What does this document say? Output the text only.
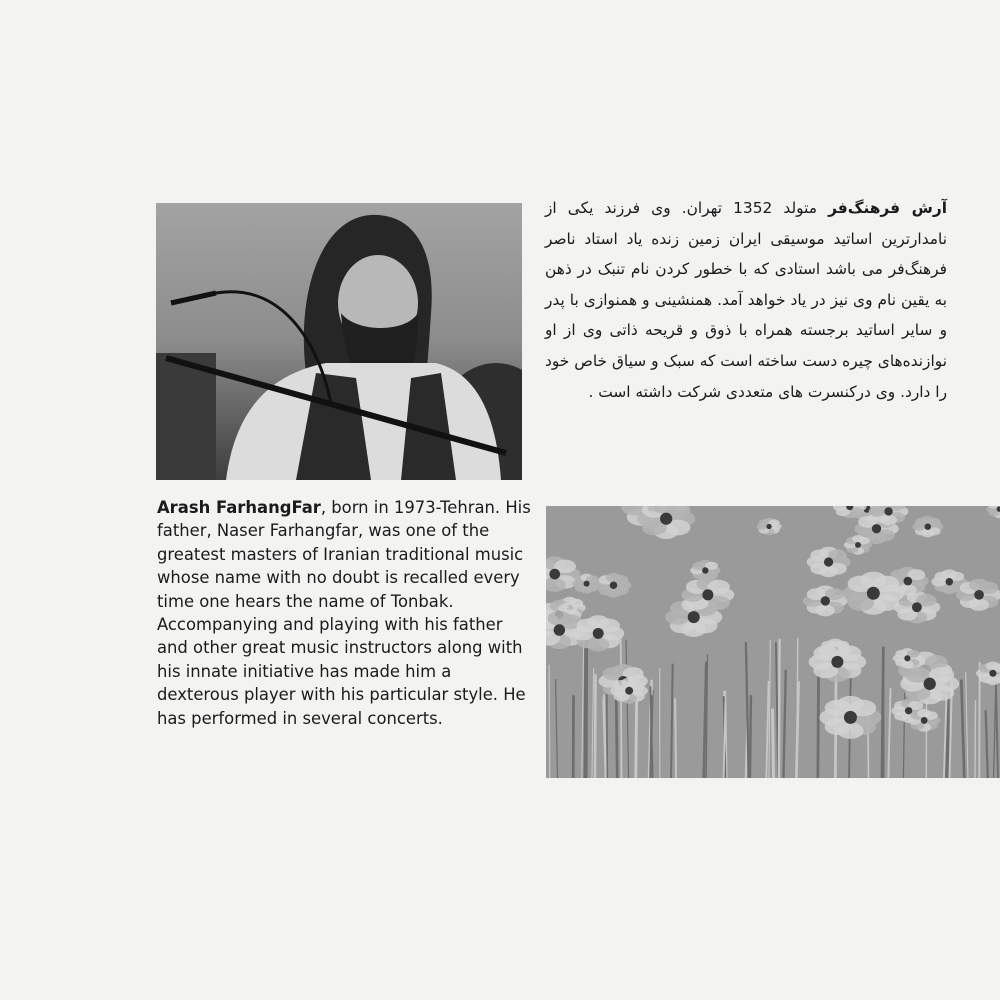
Arash FarhangFar, born in 1973-Tehran. His father, Naser Farhangfar, was one of the greatest masters of Iranian traditional music whose name with no doubt is recalled every time one hears the name of Tonbak. Accompanying and playing with his father and other great music instructors along with his innate initiative has made him a dexterous player with his particular style. He has performed in several concerts.

آرش فرهنگ‌فر متولد 1352 تهران. وی فرزند یکی از نامدارترین اساتید موسیقی ایران زمین زنده یاد استاد ناصر فرهنگ‌فر می باشد استادی که با خطور کردن نام تنبک در ذهن به یقین نام وی نیز در یاد خواهد آمد. همنشینی و همنوازی با پدر و سایر اساتید برجسته همراه با ذوق و قریحه ذاتی وی از او نوازنده‌های چیره دست ساخته است که سبک و سیاق خاص خود را دارد. وی درکنسرت های متعددی شرکت داشته است .
